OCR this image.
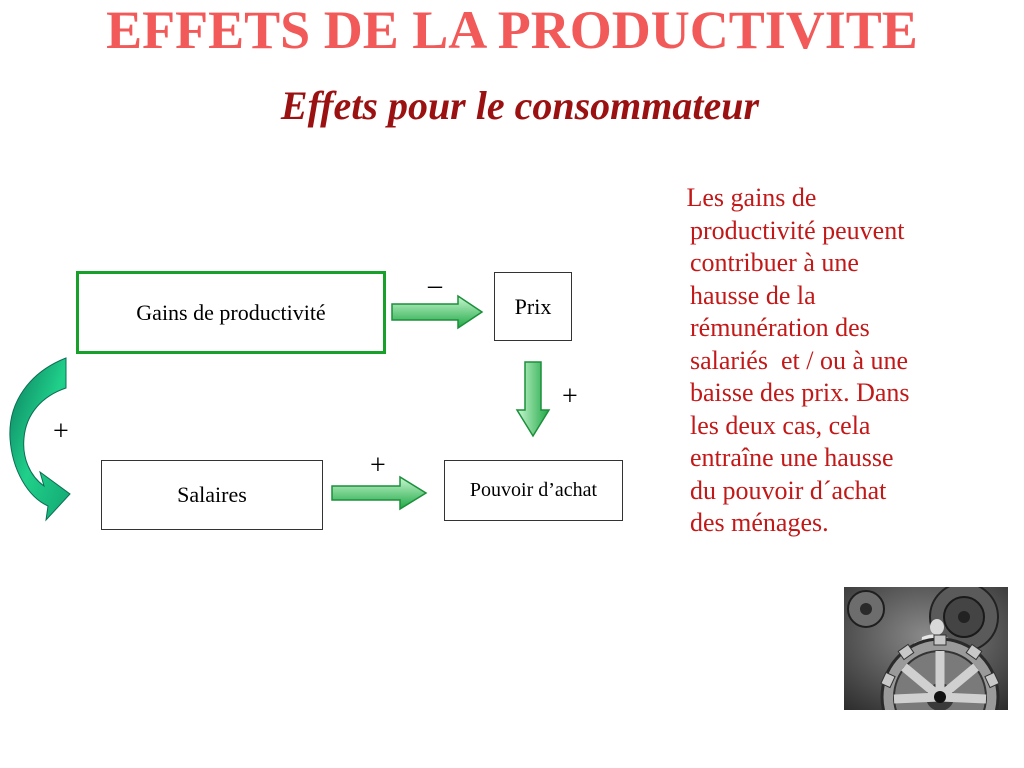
EFFETS DE LA PRODUCTIVITE
Effets pour le consommateur
Gains de productivité	Prix
Salaires	Pouvoir d’achat
–
+
+
+
Les gains de
productivité peuvent
contribuer à une
hausse de la
rémunération des
salariés  et / ou à une
baisse des prix. Dans
les deux cas, cela
entraîne une hausse
du pouvoir d´achat
des ménages.
